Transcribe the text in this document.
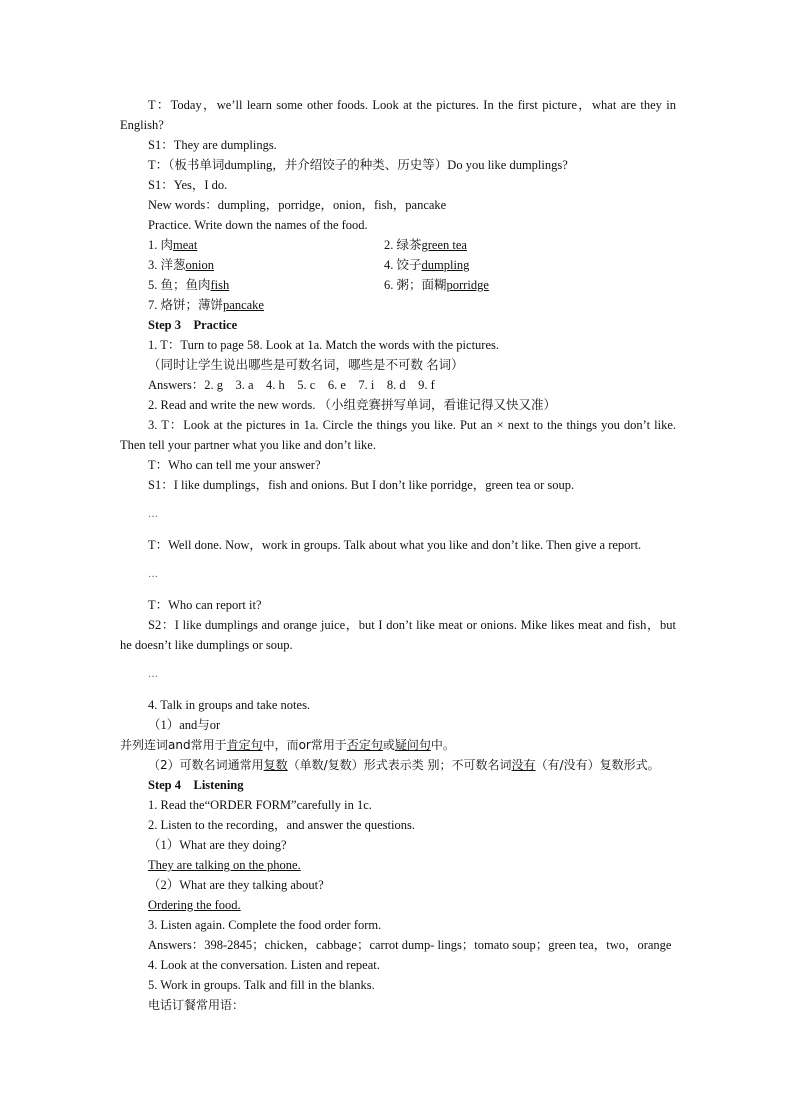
T：Today，we’ll learn some other foods. Look at the pictures. In the first picture，what are they in English?

S1：They are dumplings.

T：（板书单词dumpling，并介绍饺子的种类、历史等）Do you like dumplings?

S1：Yes，I do.

New words：dumpling，porridge，onion，fish，pancake

Practice. Write down the names of the food.

1. 肉meat	2. 绿茶green tea
3. 洋葱onion	4. 饺子dumpling
5. 鱼；鱼肉fish	6. 粥；面糊porridge
7. 烙饼；薄饼pancake

Step 3    Practice

1. T：Turn to page 58. Look at 1a. Match the words with the pictures.

（同时让学生说出哪些是可数名词，哪些是不可数 名词）

Answers：2. g    3. a    4. h    5. c    6. e    7. i    8. d    9. f

2. Read and write the new words. （小组竞赛拼写单词，看谁记得又快又准）

3. T：Look at the pictures in 1a. Circle the things you like. Put an × next to the things you don’t like. Then tell your partner what you like and don’t like.

T：Who can tell me your answer?

S1：I like dumplings，fish and onions. But I don’t like porridge，green tea or soup.

…

T：Well done. Now，work in groups. Talk about what you like and don’t like. Then give a report.

…

T：Who can report it?

S2：I like dumplings and orange juice，but I don’t like meat or onions. Mike likes meat and fish，but he doesn’t like dumplings or soup.

…

4. Talk in groups and take notes.

（1）and与or

并列连词and常用于肯定句中，而or常用于否定句或疑问句中。

（2）可数名词通常用复数（单数/复数）形式表示类 别；不可数名词没有（有/没有）复数形式。

Step 4    Listening

1. Read the“ORDER FORM”carefully in 1c.

2. Listen to the recording，and answer the questions.

（1）What are they doing?

They are talking on the phone.

（2）What are they talking about?

Ordering the food.

3. Listen again. Complete the food order form.

Answers：398-2845；chicken，cabbage；carrot dump- lings；tomato soup；green tea，two，orange

4. Look at the conversation. Listen and repeat.

5. Work in groups. Talk and fill in the blanks.

电话订餐常用语：
